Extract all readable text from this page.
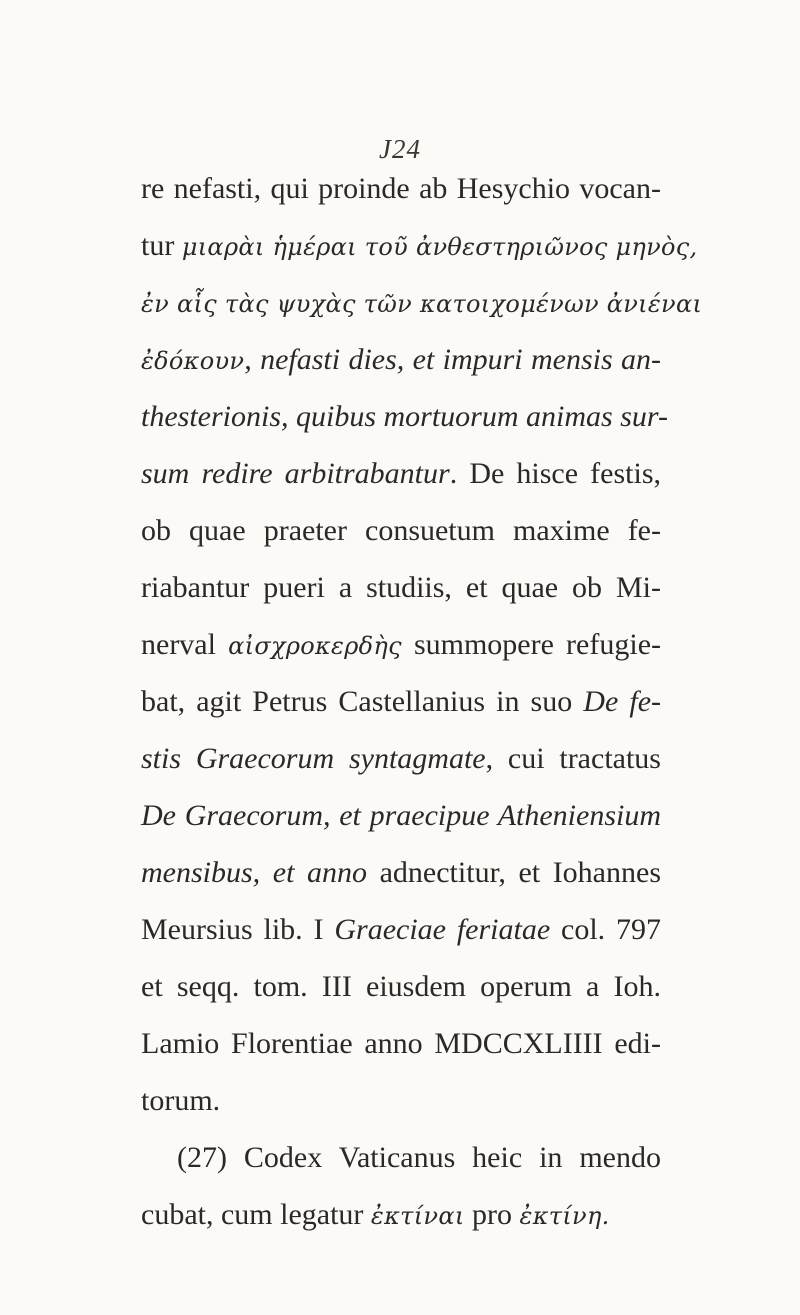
J24
re nefasti, qui proinde ab Hesychio vocan-
tur μιαρὰι ἡμέραι τοῦ ἀνθεστηριῶνος μηνὸς,
ἐν αἷς τὰς ψυχὰς τῶν κατοιχομένων ἀνιέναι
ἐδόκουν, nefasti dies, et impuri mensis an-
thesterionis, quibus mortuorum animas sur-
sum redire arbitrabantur. De hisce festis,
ob quae praeter consuetum maxime fe-
riabantur pueri a studiis, et quae ob Mi-
nerval αἰσχροκερδὴς summopere refugie-
bat, agit Petrus Castellanius in suo De fe-
stis Graecorum syntagmate, cui tractatus
De Graecorum, et praecipue Atheniensium
mensibus, et anno adnectitur, et Iohannes
Meursius lib. I Graeciae feriatae col. 797
et seqq. tom. III eiusdem operum a Ioh.
Lamio Florentiae anno MDCCXLIIII edi-
torum.
(27) Codex Vaticanus heic in mendo
cubat, cum legatur ἐκτίναι pro ἐκτίνη.
